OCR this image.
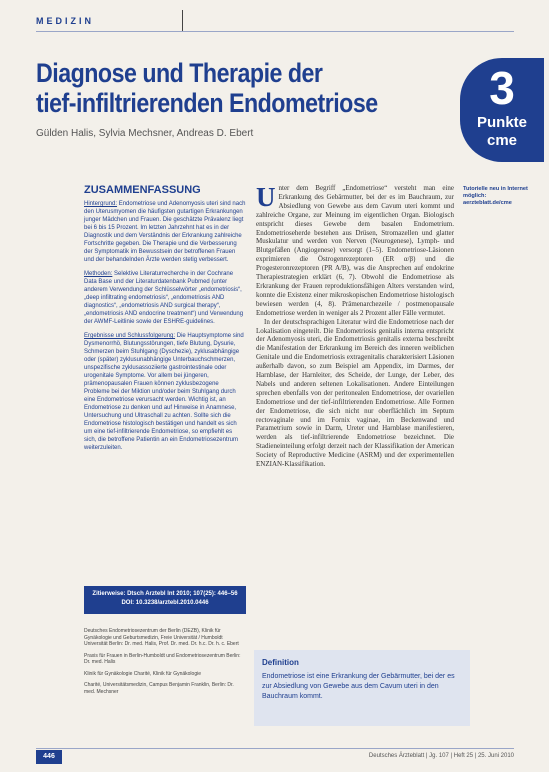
MEDIZIN
Diagnose und Therapie der
tief-infiltrierenden Endometriose
Gülden Halis, Sylvia Mechsner, Andreas D. Ebert
3
Punkte
cme
ZUSAMMENFASSUNG

Hintergrund: Endometriose und Adenomyosis uteri sind nach den Uterusmyomen die häufigsten gutartigen Erkrankungen junger Mädchen und Frauen. Die geschätzte Prävalenz liegt bei 6 bis 15 Prozent. Im letzten Jahrzehnt hat es in der Diagnostik und dem Verständnis der Erkrankung zahlreiche Fortschritte gegeben. Die Therapie und die Verbesserung der Symptomatik im Bewusstsein der betroffenen Frauen und der behandelnden Ärzte werden stetig verbessert.

Methoden: Selektive Literaturrecherche in der Cochrane Data Base und der Literaturdatenbank Pubmed (unter anderem Verwendung der Schlüsselwörter „endometriosis“, „deep infiltrating endometriosis“, „endometriosis AND diagnostics“, „endometriosis AND surgical therapy“, „endometriosis AND endocrine treatment“) und Verwendung der AWMF-Leitlinie sowie der ESHRE-guidelines.

Ergebnisse und Schlussfolgerung: Die Hauptsymptome sind Dysmenorrhö, Blutungsstörungen, tiefe Blutung, Dysurie, Schmerzen beim Stuhlgang (Dyschezie), zyklusabhängige oder (später) zyklusunabhängige Unterbauchschmerzen, unspezifische zyklusassoziierte gastrointestinale oder urogenitale Symptome. Vor allem bei jüngeren, prämenopausalen Frauen können zyklusbezogene Probleme bei der Miktion und/oder beim Stuhlgang durch eine Endometriose verursacht werden. Wichtig ist, an Endometriose zu denken und auf Hinweise in Anamnese, Untersuchung und Ultraschall zu achten. Sollte sich die Endometriose histologisch bestätigen und handelt es sich um eine tief-infiltrierende Endometriose, so empfiehlt es sich, die betroffene Patientin an ein Endometriosezentrum weiterzuleiten.

Zitierweise: Dtsch Arztebl Int 2010; 107(25): 446–56
DOI: 10.3238/arztebl.2010.0446

Deutsches Endometriosezentrum der Berlin (DEZB), Klinik für Gynäkologie und Geburtsmedizin, Freie Universität / Humboldt Universität Berlin: Dr. med. Halis, Prof. Dr. med. Dr. h.c. Dr. h. c. Ebert

Praxis für Frauen in Berlin-Humboldt und Endometriosezentrum Berlin: Dr. med. Halis

Klinik für Gynäkologie Charité, Klinik für Gynäkologie

Charité, Universitätsmedizin, Campus Benjamin Franklin, Berlin: Dr. med. Mechsner

U nter dem Begriff „Endometriose“ versteht man eine Erkrankung des Gebärmutter, bei der es im Bauchraum, zur Absiedlung von Gewebe aus dem Cavum uteri kommt und zahlreiche Organe, zur Meinung im eigentlichen Organ. Biologisch entspricht dieses Gewebe dem basalen Endometrium. Endometrioseherde bestehen aus Drüsen, Stromazellen und glatter Muskulatur und werden von Nerven (Neurogenese), Lymph- und Blutgefäßen (Angiogenese) versorgt (1–5). Endometriose-Läsionen exprimieren die Östrogenrezeptoren (ER α/β) und die Progesteronrezeptoren (PR A/B), was die Ansprechen auf endokrine Therapiestrategien erklärt (6, 7). Obwohl die Endometriose als Erkrankung der Frauen reproduktionsfähigen Alters verstanden wird, konnte die Existenz einer mikroskopischen Endometriose histologisch bewiesen werden (4, 8). Prämenarchezeile / postmenopausale Endometriose werden in weniger als 2 Prozent aller Fälle vermutet.

In der deutschsprachigen Literatur wird die Endometriose nach der Lokalisation eingeteilt. Die Endometriosis genitalis interna entspricht der Adenomyosis uteri, die Endometriosis genitalis externa beschreibt die Manifestation der Erkrankung im Bereich des inneren weiblichen Genitale und die Endometriosis extragenitalis charakterisiert Läsionen außerhalb davon, so zum Beispiel am Appendix, im Darmes, der Harnblase, der Harnleiter, des Scheide, der Lunge, der Leber, des Nabels und anderen seltenen Lokalisationen. Andere Einteilungen sprechen ebenfalls von der peritonealen Endometriose, der ovariellen Endometriose und der tief-infiltrierenden Endometriose. Alle Formen der Endometriose, die sich nicht nur oberflächlich im Septum rectovaginale und im Fornix vaginae, im Beckenwand und Parametrium sowie in Darm, Ureter und Harnblase manifestieren, werden als tief-infiltrierende Endometriose bezeichnet. Die Stadieneinteilung erfolgt derzeit nach der Klassifikation der American Society of Reproductive Medicine (ASRM) und der experimentellen ENZIAN-Klassifikation.

Tutorielle neu in Internet möglich: aerzteblatt.de/cme
Definition
Endometriose ist eine Erkrankung der Gebärmutter, bei der es zur Absiedlung von Gewebe aus dem Cavum uteri in den Bauchraum kommt.
446	Deutsches Ärzteblatt | Jg. 107 | Heft 25 | 25. Juni 2010
